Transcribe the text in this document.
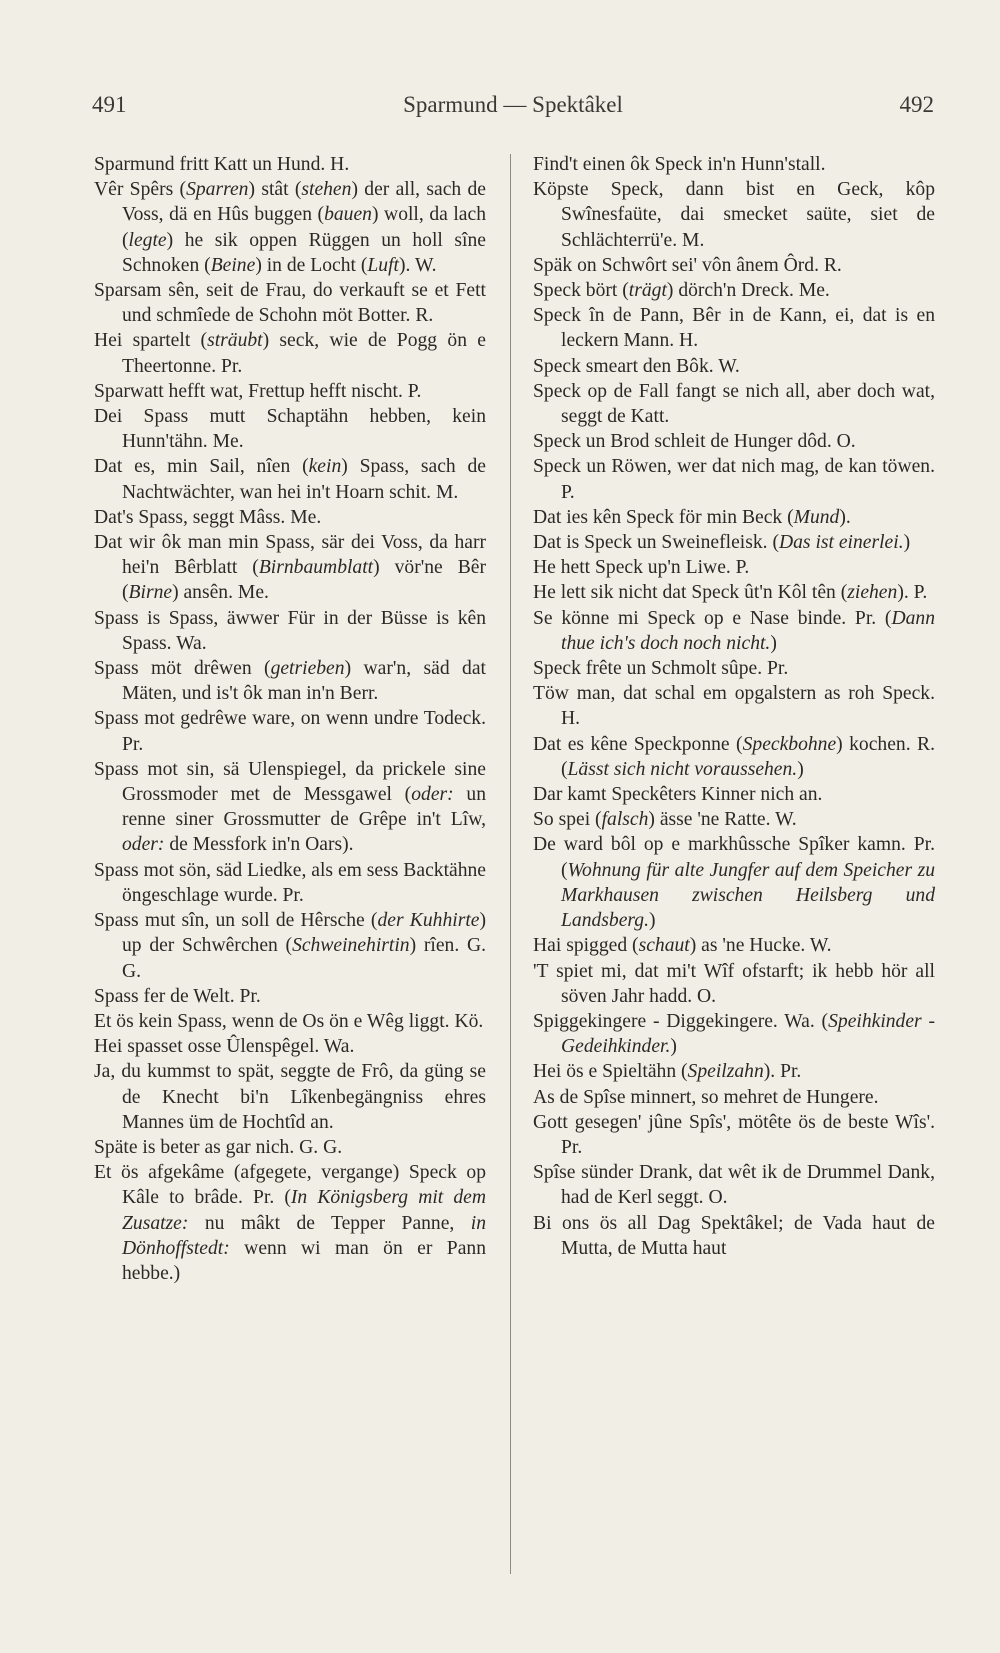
491	Sparmund — Spektâkel	492

Sparmund fritt Katt un Hund. H.

Vêr Spêrs (Sparren) stât (stehen) der all, sach de Voss, dä en Hûs buggen (bauen) woll, da lach (legte) he sik oppen Rüggen un holl sîne Schnoken (Beine) in de Locht (Luft). W.

Sparsam sên, seit de Frau, do verkauft se et Fett und schmîede de Schohn möt Botter. R.

Hei spartelt (sträubt) seck, wie de Pogg ön e Theertonne. Pr.

Sparwatt hefft wat, Frettup hefft nischt. P.

Dei Spass mutt Schaptähn hebben, kein Hunn'tähn. Me.

Dat es, min Sail, nîen (kein) Spass, sach de Nachtwächter, wan hei in't Hoarn schit. M.

Dat's Spass, seggt Mâss. Me.

Dat wir ôk man min Spass, sär dei Voss, da harr hei'n Bêrblatt (Birnbaumblatt) vör'ne Bêr (Birne) ansên. Me.

Spass is Spass, äwwer Für in der Büsse is kên Spass. Wa.

Spass möt drêwen (getrieben) war'n, säd dat Mäten, und is't ôk man in'n Berr.

Spass mot gedrêwe ware, on wenn undre Todeck. Pr.

Spass mot sin, sä Ulenspiegel, da prickele sine Grossmoder met de Messgawel (oder: un renne siner Grossmutter de Grêpe in't Lîw, oder: de Messfork in'n Oars).

Spass mot sön, säd Liedke, als em sess Backtähne öngeschlage wurde. Pr.

Spass mut sîn, un soll de Hêrsche (der Kuhhirte) up der Schwêrchen (Schweinehirtin) rîen. G. G.

Spass fer de Welt. Pr.

Et ös kein Spass, wenn de Os ön e Wêg liggt. Kö.

Hei spasset osse Ûlenspêgel. Wa.

Ja, du kummst to spät, seggte de Frô, da güng se de Knecht bi'n Lîkenbegängniss ehres Mannes üm de Hochtîd an.

Späte is beter as gar nich. G. G.

Et ös afgekâme (afgegete, vergange) Speck op Kâle to brâde. Pr. (In Königsberg mit dem Zusatze: nu mâkt de Tepper Panne, in Dönhoffstedt: wenn wi man ön er Pann hebbe.)

Find't einen ôk Speck in'n Hunn'stall.

Köpste Speck, dann bist en Geck, kôp Swînesfaüte, dai smecket saüte, siet de Schlächterrü'e. M.

Späk on Schwôrt sei' vôn ânem Ôrd. R.

Speck bört (trägt) dörch'n Dreck. Me.

Speck în de Pann, Bêr in de Kann, ei, dat is en leckern Mann. H.

Speck smeart den Bôk. W.

Speck op de Fall fangt se nich all, aber doch wat, seggt de Katt.

Speck un Brod schleit de Hunger dôd. O.

Speck un Röwen, wer dat nich mag, de kan töwen. P.

Dat ies kên Speck för min Beck (Mund).

Dat is Speck un Sweinefleisk. (Das ist einerlei.)

He hett Speck up'n Liwe. P.

He lett sik nicht dat Speck ût'n Kôl tên (ziehen). P.

Se könne mi Speck op e Nase binde. Pr. (Dann thue ich's doch noch nicht.)

Speck frête un Schmolt sûpe. Pr.

Töw man, dat schal em opgalstern as roh Speck. H.

Dat es kêne Speckponne (Speckbohne) kochen. R. (Lässt sich nicht voraussehen.)

Dar kamt Speckêters Kinner nich an.

So spei (falsch) ässe 'ne Ratte. W.

De ward bôl op e markhûssche Spîker kamn. Pr. (Wohnung für alte Jungfer auf dem Speicher zu Markhausen zwischen Heilsberg und Landsberg.)

Hai spigged (schaut) as 'ne Hucke. W.

'T spiet mi, dat mi't Wîf ofstarft; ik hebb hör all söven Jahr hadd. O.

Spiggekingere - Diggekingere. Wa. (Speihkinder - Gedeihkinder.)

Hei ös e Spieltähn (Speilzahn). Pr.

As de Spîse minnert, so mehret de Hungere.

Gott gesegen' jûne Spîs', mötête ös de beste Wîs'. Pr.

Spîse sünder Drank, dat wêt ik de Drummel Dank, had de Kerl seggt. O.

Bi ons ös all Dag Spektâkel; de Vada haut de Mutta, de Mutta haut
